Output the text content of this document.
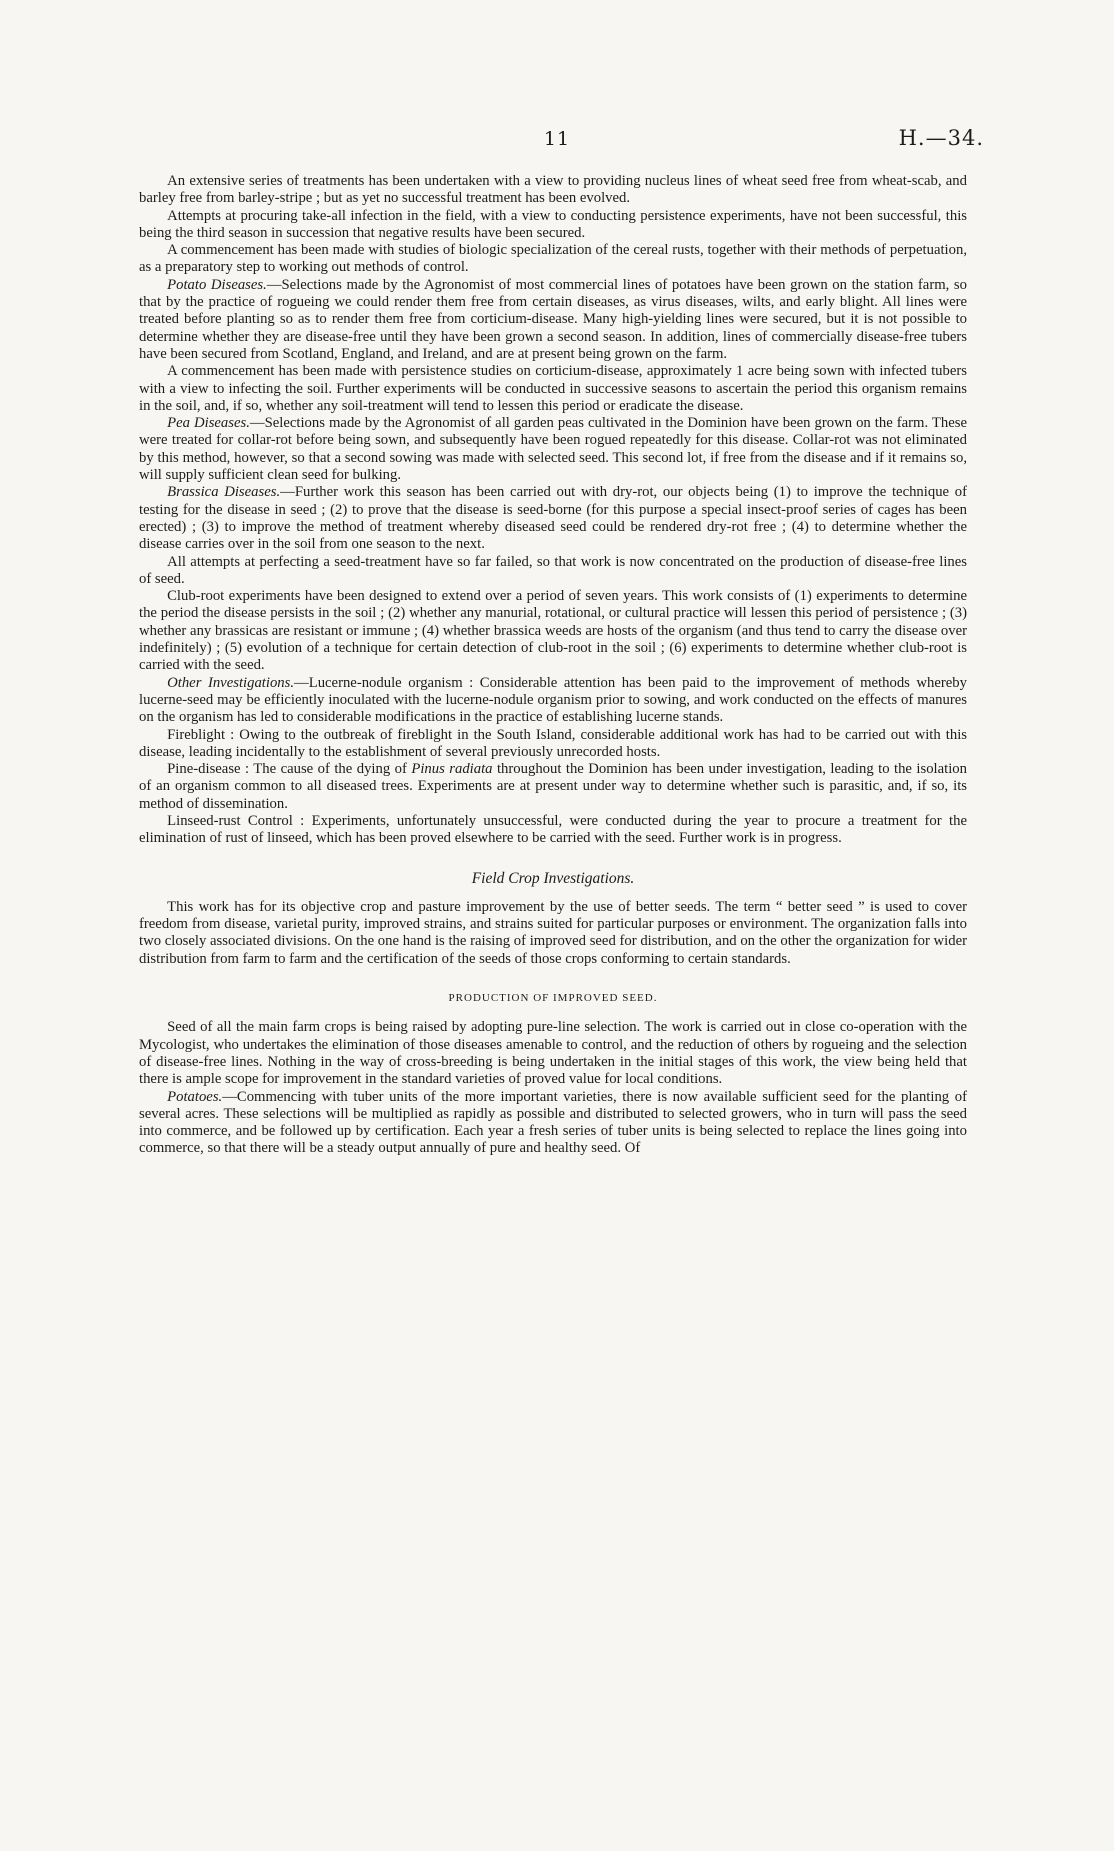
11	H.—34.

An extensive series of treatments has been undertaken with a view to providing nucleus lines of wheat seed free from wheat-scab, and barley free from barley-stripe ; but as yet no successful treatment has been evolved.

Attempts at procuring take-all infection in the field, with a view to conducting persistence experiments, have not been successful, this being the third season in succession that negative results have been secured.

A commencement has been made with studies of biologic specialization of the cereal rusts, together with their methods of perpetuation, as a preparatory step to working out methods of control.

Potato Diseases.—Selections made by the Agronomist of most commercial lines of potatoes have been grown on the station farm, so that by the practice of rogueing we could render them free from certain diseases, as virus diseases, wilts, and early blight. All lines were treated before planting so as to render them free from corticium-disease. Many high-yielding lines were secured, but it is not possible to determine whether they are disease-free until they have been grown a second season. In addition, lines of commercially disease-free tubers have been secured from Scotland, England, and Ireland, and are at present being grown on the farm.

A commencement has been made with persistence studies on corticium-disease, approximately 1 acre being sown with infected tubers with a view to infecting the soil. Further experiments will be conducted in successive seasons to ascertain the period this organism remains in the soil, and, if so, whether any soil-treatment will tend to lessen this period or eradicate the disease.

Pea Diseases.—Selections made by the Agronomist of all garden peas cultivated in the Dominion have been grown on the farm. These were treated for collar-rot before being sown, and subsequently have been rogued repeatedly for this disease. Collar-rot was not eliminated by this method, however, so that a second sowing was made with selected seed. This second lot, if free from the disease and if it remains so, will supply sufficient clean seed for bulking.

Brassica Diseases.—Further work this season has been carried out with dry-rot, our objects being (1) to improve the technique of testing for the disease in seed ; (2) to prove that the disease is seed-borne (for this purpose a special insect-proof series of cages has been erected) ; (3) to improve the method of treatment whereby diseased seed could be rendered dry-rot free ; (4) to determine whether the disease carries over in the soil from one season to the next.

All attempts at perfecting a seed-treatment have so far failed, so that work is now concentrated on the production of disease-free lines of seed.

Club-root experiments have been designed to extend over a period of seven years. This work consists of (1) experiments to determine the period the disease persists in the soil ; (2) whether any manurial, rotational, or cultural practice will lessen this period of persistence ; (3) whether any brassicas are resistant or immune ; (4) whether brassica weeds are hosts of the organism (and thus tend to carry the disease over indefinitely) ; (5) evolution of a technique for certain detection of club-root in the soil ; (6) experiments to determine whether club-root is carried with the seed.

Other Investigations.—Lucerne-nodule organism : Considerable attention has been paid to the improvement of methods whereby lucerne-seed may be efficiently inoculated with the lucerne-nodule organism prior to sowing, and work conducted on the effects of manures on the organism has led to considerable modifications in the practice of establishing lucerne stands.

Fireblight : Owing to the outbreak of fireblight in the South Island, considerable additional work has had to be carried out with this disease, leading incidentally to the establishment of several previously unrecorded hosts.

Pine-disease : The cause of the dying of Pinus radiata throughout the Dominion has been under investigation, leading to the isolation of an organism common to all diseased trees. Experiments are at present under way to determine whether such is parasitic, and, if so, its method of dissemination.

Linseed-rust Control : Experiments, unfortunately unsuccessful, were conducted during the year to procure a treatment for the elimination of rust of linseed, which has been proved elsewhere to be carried with the seed. Further work is in progress.

Field Crop Investigations.

This work has for its objective crop and pasture improvement by the use of better seeds. The term “ better seed ” is used to cover freedom from disease, varietal purity, improved strains, and strains suited for particular purposes or environment. The organization falls into two closely associated divisions. On the one hand is the raising of improved seed for distribution, and on the other the organization for wider distribution from farm to farm and the certification of the seeds of those crops conforming to certain standards.

PRODUCTION OF IMPROVED SEED.

Seed of all the main farm crops is being raised by adopting pure-line selection. The work is carried out in close co-operation with the Mycologist, who undertakes the elimination of those diseases amenable to control, and the reduction of others by rogueing and the selection of disease-free lines. Nothing in the way of cross-breeding is being undertaken in the initial stages of this work, the view being held that there is ample scope for improvement in the standard varieties of proved value for local conditions.

Potatoes.—Commencing with tuber units of the more important varieties, there is now available sufficient seed for the planting of several acres. These selections will be multiplied as rapidly as possible and distributed to selected growers, who in turn will pass the seed into commerce, and be followed up by certification. Each year a fresh series of tuber units is being selected to replace the lines going into commerce, so that there will be a steady output annually of pure and healthy seed. Of
